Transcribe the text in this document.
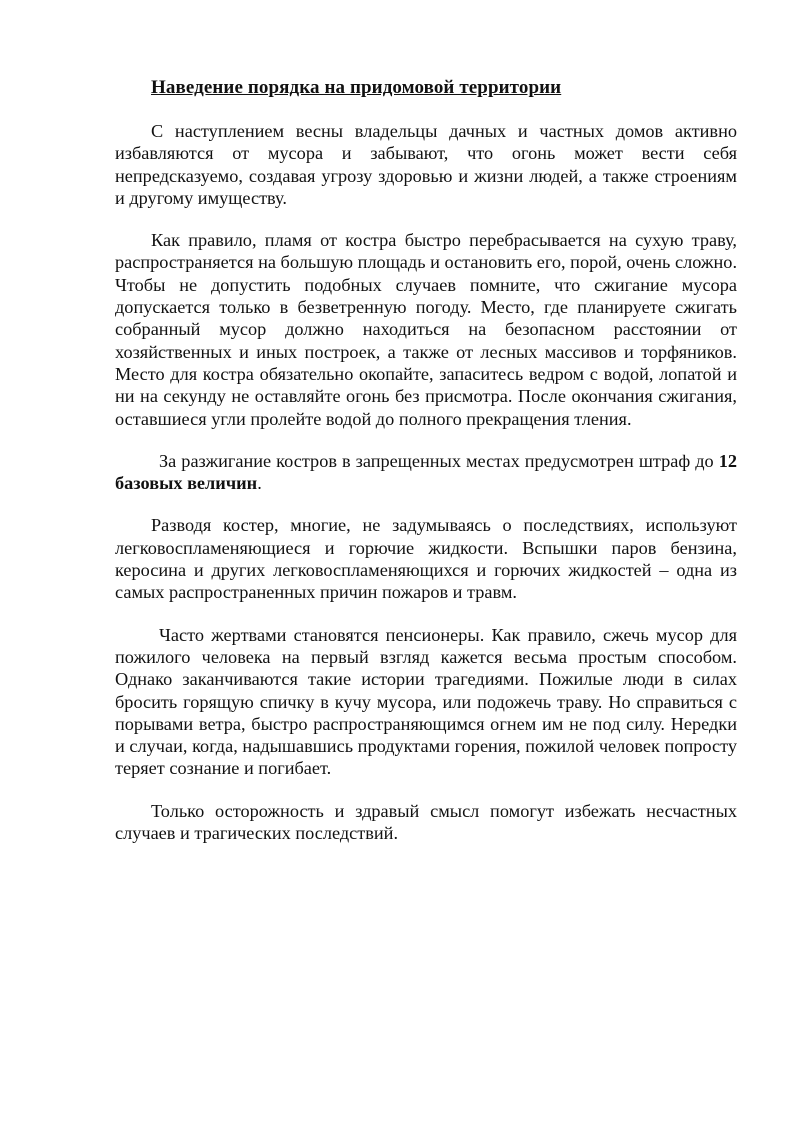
Наведение порядка на придомовой территории

С наступлением весны владельцы дачных и частных домов активно избавляются от мусора и забывают, что огонь может вести себя непредсказуемо, создавая угрозу здоровью и жизни людей, а также строениям и другому имуществу.

Как правило, пламя от костра быстро перебрасывается на сухую траву, распространяется на большую площадь и остановить его, порой, очень сложно. Чтобы не допустить подобных случаев помните, что сжигание мусора допускается только в безветренную погоду. Место, где планируете сжигать собранный мусор должно находиться на безопасном расстоянии от хозяйственных и иных построек, а также от лесных массивов и торфяников. Место для костра обязательно окопайте, запаситесь ведром с водой, лопатой и ни на секунду не оставляйте огонь без присмотра. После окончания сжигания, оставшиеся угли пролейте водой до полного прекращения тления.

За разжигание костров в запрещенных местах предусмотрен штраф до 12 базовых величин.

Разводя костер, многие, не задумываясь о последствиях, используют легковоспламеняющиеся и горючие жидкости. Вспышки паров бензина, керосина и других легковоспламеняющихся и горючих жидкостей – одна из самых распространенных причин пожаров и травм.

Часто жертвами становятся пенсионеры. Как правило, сжечь мусор для пожилого человека на первый взгляд кажется весьма простым способом. Однако заканчиваются такие истории трагедиями. Пожилые люди в силах бросить горящую спичку в кучу мусора, или подожечь траву. Но справиться с порывами ветра, быстро распространяющимся огнем им не под силу. Нередки и случаи, когда, надышавшись продуктами горения, пожилой человек попросту теряет сознание и погибает.

Только осторожность и здравый смысл помогут избежать несчастных случаев и трагических последствий.
